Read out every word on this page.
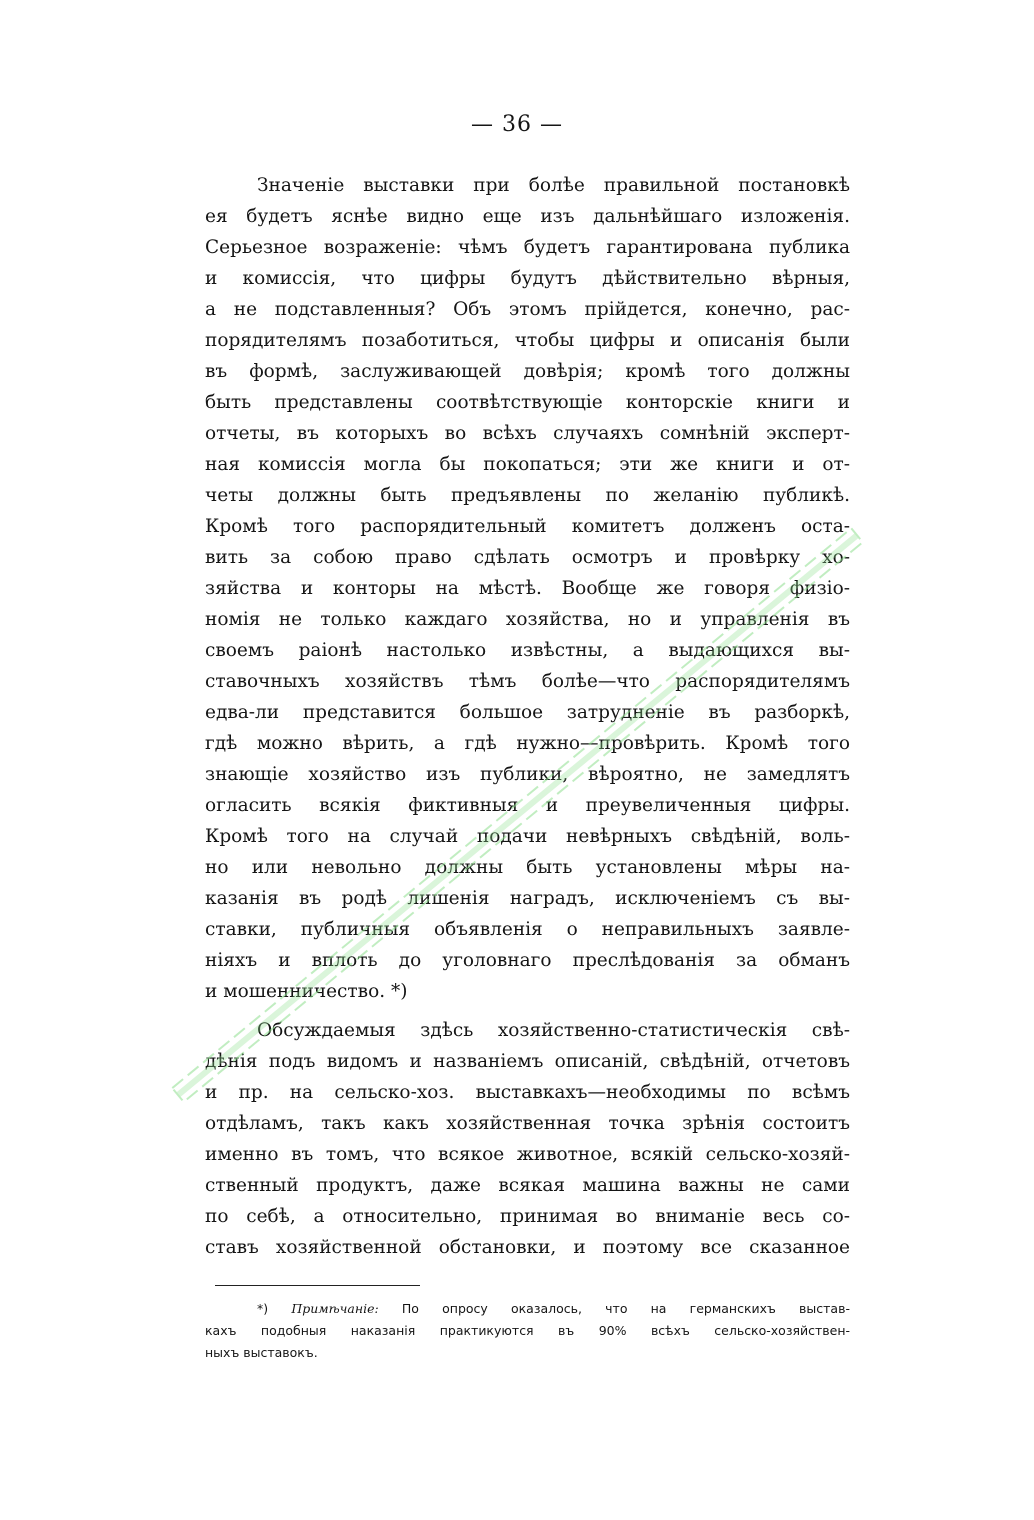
— 36 —
Значенie выставки при болѣе правильной постановкѣ
ея будетъ яснѣе видно еще изъ дальнѣйшаго изложенія.
Серьезное возраженіе: чѣмъ будетъ гарантирована публика
и комиссія, что цифры будутъ дѣйствительно вѣрныя,
а не подставленныя? Объ этомъ прійдется, конечно, рас-
порядителямъ позаботиться, чтобы цифры и описанія были
въ формѣ, заслуживающей довѣрія; кромѣ того должны
быть представлены соотвѣтствующіе конторскіе книги и
отчеты, въ которыхъ во всѣхъ случаяхъ сомнѣній эксперт-
ная комиссія могла бы покопаться; эти же книги и от-
четы должны быть предъявлены по желанію публикѣ.
Кромѣ того распорядительный комитетъ долженъ оста-
вить за собою право сдѣлать осмотръ и провѣрку хо-
зяйства и конторы на мѣстѣ. Вообще же говоря физіо-
номія не только каждаго хозяйства, но и управленія въ
своемъ раіонѣ настолько извѣстны, а выдающихся вы-
ставочныхъ хозяйствъ тѣмъ болѣе—что распорядителямъ
едва-ли представится большое затрудненіе въ разборкѣ,
гдѣ можно вѣрить, а гдѣ нужно—провѣрить. Кромѣ того
знающіе хозяйство изъ публики, вѣроятно, не замедлятъ
огласить всякія фиктивныя и преувеличенныя цифры.
Кромѣ того на случай подачи невѣрныхъ свѣдѣній, воль-
но или невольно должны быть установлены мѣры на-
казанія въ родѣ лишенія наградъ, исключеніемъ съ вы-
ставки, публичныя объявленія о неправильныхъ заявле-
ніяхъ и вплоть до уголовнаго преслѣдованія за обманъ
и мошенничество. *)
Обсуждаемыя здѣсь хозяйственно-статистическія свѣ-
дѣнія подъ видомъ и названіемъ описаній, свѣдѣній, отчетовъ
и пр. на сельско-хоз. выставкахъ—необходимы по всѣмъ
отдѣламъ, такъ какъ хозяйственная точка зрѣнія состоитъ
именно въ томъ, что всякое животное, всякій сельско-хозяй-
ственный продуктъ, даже всякая машина важны не сами
по себѣ, а относительно, принимая во вниманіе весь со-
ставъ хозяйственной обстановки, и поэтому все сказанное
*) Примѣчаніе: По опросу оказалось, что на германскихъ выстав-
кахъ подобныя наказанія практикуются въ 90% всѣхъ сельско-хозяйствен-
ныхъ выставокъ.
